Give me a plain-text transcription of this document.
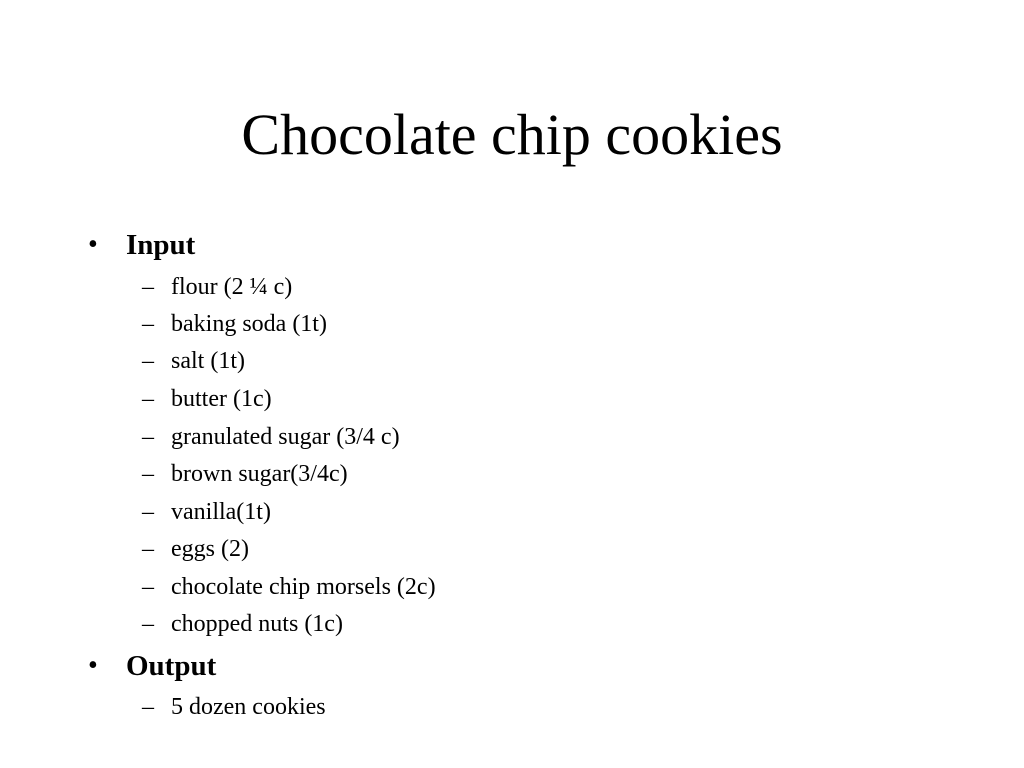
Chocolate chip cookies
• Input
– flour (2 ¼ c)
– baking soda (1t)
– salt (1t)
– butter (1c)
– granulated sugar (3/4 c)
– brown sugar(3/4c)
– vanilla(1t)
– eggs (2)
– chocolate chip morsels (2c)
– chopped nuts (1c)
• Output
– 5 dozen cookies
